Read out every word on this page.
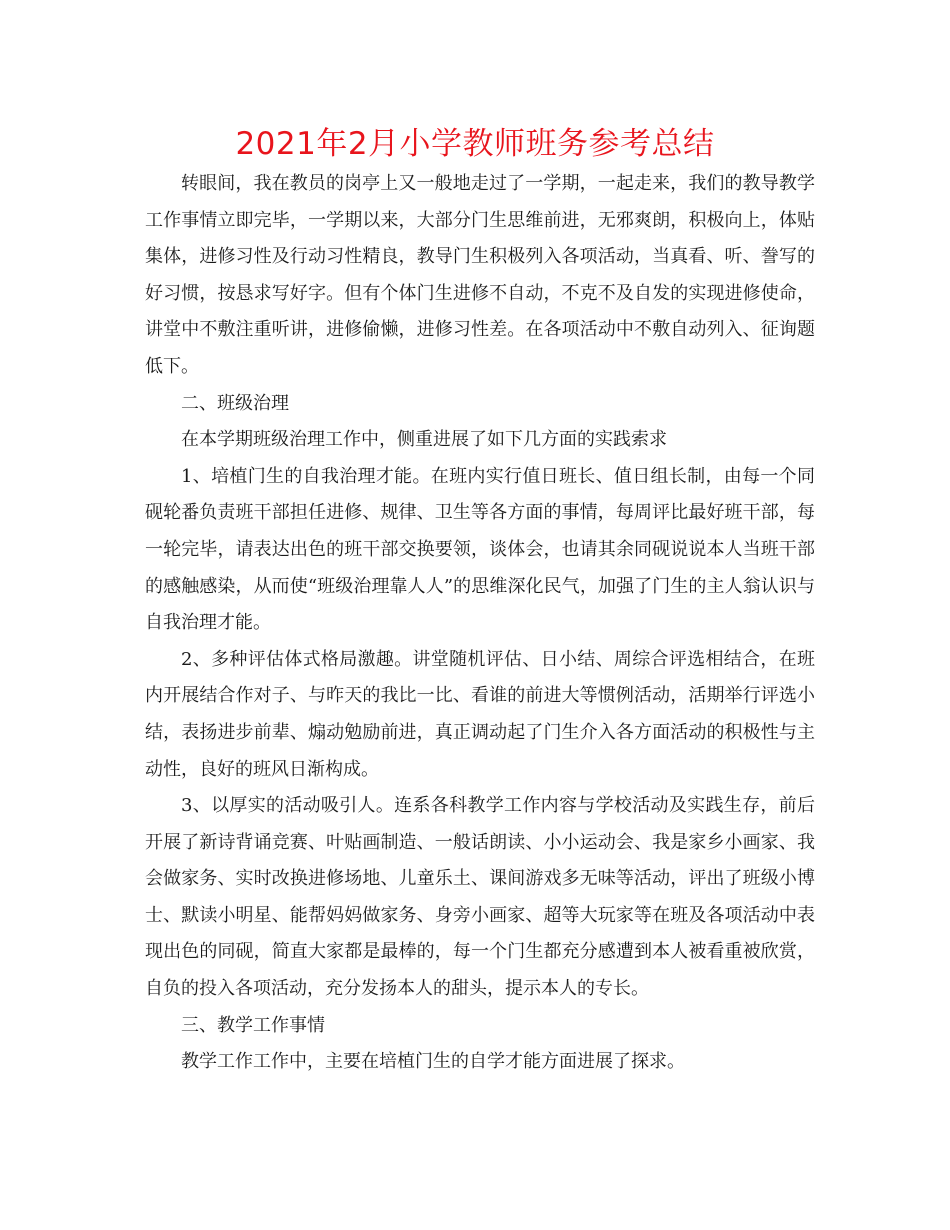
2021年2月小学教师班务参考总结

转眼间，我在教员的岗亭上又一般地走过了一学期，一起走来，我们的教导教学工作事情立即完毕，一学期以来，大部分门生思维前进，无邪爽朗，积极向上，体贴集体，进修习性及行动习性精良，教导门生积极列入各项活动，当真看、听、誊写的好习惯，按恳求写好字。但有个体门生进修不自动，不克不及自发的实现进修使命，讲堂中不敷注重听讲，进修偷懒，进修习性差。在各项活动中不敷自动列入、征询题低下。

二、班级治理

在本学期班级治理工作中，侧重进展了如下几方面的实践索求

1、培植门生的自我治理才能。在班内实行值日班长、值日组长制，由每一个同砚轮番负责班干部担任进修、规律、卫生等各方面的事情，每周评比最好班干部，每一轮完毕，请表达出色的班干部交换要领，谈体会，也请其余同砚说说本人当班干部的感触感染，从而使“班级治理靠人人”的思维深化民气，加强了门生的主人翁认识与自我治理才能。

2、多种评估体式格局激趣。讲堂随机评估、日小结、周综合评选相结合，在班内开展结合作对子、与昨天的我比一比、看谁的前进大等惯例活动，活期举行评选小结，表扬进步前辈、煽动勉励前进，真正调动起了门生介入各方面活动的积极性与主动性，良好的班风日渐构成。

3、以厚实的活动吸引人。连系各科教学工作内容与学校活动及实践生存，前后开展了新诗背诵竞赛、叶贴画制造、一般话朗读、小小运动会、我是家乡小画家、我会做家务、实时改换进修场地、儿童乐土、课间游戏多无味等活动，评出了班级小博士、默读小明星、能帮妈妈做家务、身旁小画家、超等大玩家等在班及各项活动中表现出色的同砚，简直大家都是最棒的，每一个门生都充分感遭到本人被看重被欣赏，自负的投入各项活动，充分发扬本人的甜头，提示本人的专长。

三、教学工作事情

教学工作工作中，主要在培植门生的自学才能方面进展了探求。
